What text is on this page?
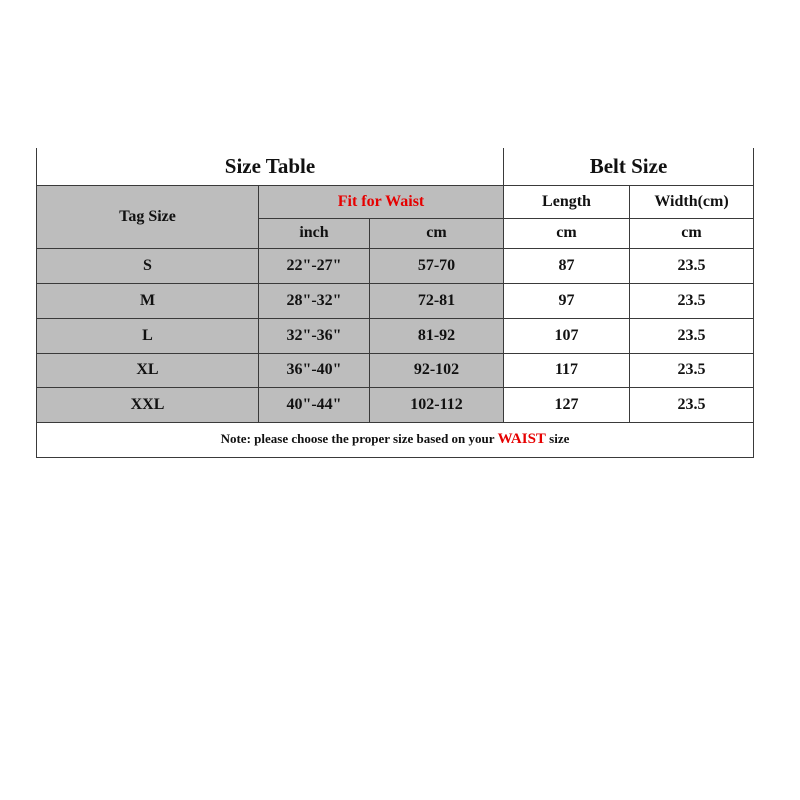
Size Table			Belt Size	
Tag Size	Fit for Waist		Length	Width(cm)
	inch	cm	cm	cm
S	22"-27"	57-70	87	23.5
M	28"-32"	72-81	97	23.5
L	32"-36"	81-92	107	23.5
XL	36"-40"	92-102	117	23.5
XXL	40"-44"	102-112	127	23.5
Note: please choose the proper size based on your WAIST size				
